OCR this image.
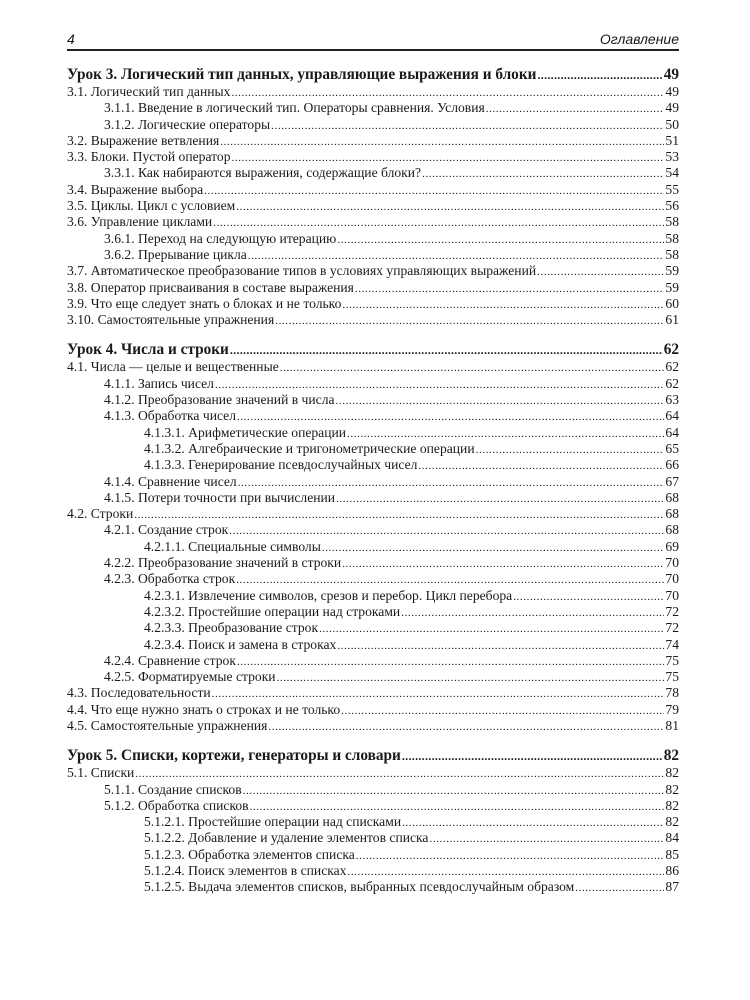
4	Оглавление
Урок 3. Логический тип данных, управляющие выражения и блоки .....	49
3.1. Логический тип данных .....	49
3.1.1. Введение в логический тип. Операторы сравнения. Условия .....	49
3.1.2. Логические операторы .....	50
3.2. Выражение ветвления .....	51
3.3. Блоки. Пустой оператор .....	53
3.3.1. Как набираются выражения, содержащие блоки? .....	54
3.4. Выражение выбора .....	55
3.5. Циклы. Цикл с условием .....	56
3.6. Управление циклами .....	58
3.6.1. Переход на следующую итерацию .....	58
3.6.2. Прерывание цикла .....	58
3.7. Автоматическое преобразование типов в условиях управляющих выражений .....	59
3.8. Оператор присваивания в составе выражения .....	59
3.9. Что еще следует знать о блоках и не только .....	60
3.10. Самостоятельные упражнения .....	61
Урок 4. Числа и строки .....	62
4.1. Числа — целые и вещественные .....	62
4.1.1. Запись чисел .....	62
4.1.2. Преобразование значений в числа .....	63
4.1.3. Обработка чисел .....	64
4.1.3.1. Арифметические операции .....	64
4.1.3.2. Алгебраические и тригонометрические операции .....	65
4.1.3.3. Генерирование псевдослучайных чисел .....	66
4.1.4. Сравнение чисел .....	67
4.1.5. Потери точности при вычислении .....	68
4.2. Строки .....	68
4.2.1. Создание строк .....	68
4.2.1.1. Специальные символы .....	69
4.2.2. Преобразование значений в строки .....	70
4.2.3. Обработка строк .....	70
4.2.3.1. Извлечение символов, срезов и перебор. Цикл перебора .....	70
4.2.3.2. Простейшие операции над строками .....	72
4.2.3.3. Преобразование строк .....	72
4.2.3.4. Поиск и замена в строках .....	74
4.2.4. Сравнение строк .....	75
4.2.5. Форматируемые строки .....	75
4.3. Последовательности .....	78
4.4. Что еще нужно знать о строках и не только .....	79
4.5. Самостоятельные упражнения .....	81
Урок 5. Списки, кортежи, генераторы и словари .....	82
5.1. Списки .....	82
5.1.1. Создание списков .....	82
5.1.2. Обработка списков .....	82
5.1.2.1. Простейшие операции над списками .....	82
5.1.2.2. Добавление и удаление элементов списка .....	84
5.1.2.3. Обработка элементов списка .....	85
5.1.2.4. Поиск элементов в списках .....	86
5.1.2.5. Выдача элементов списков, выбранных псевдослучайным образом .....	87
